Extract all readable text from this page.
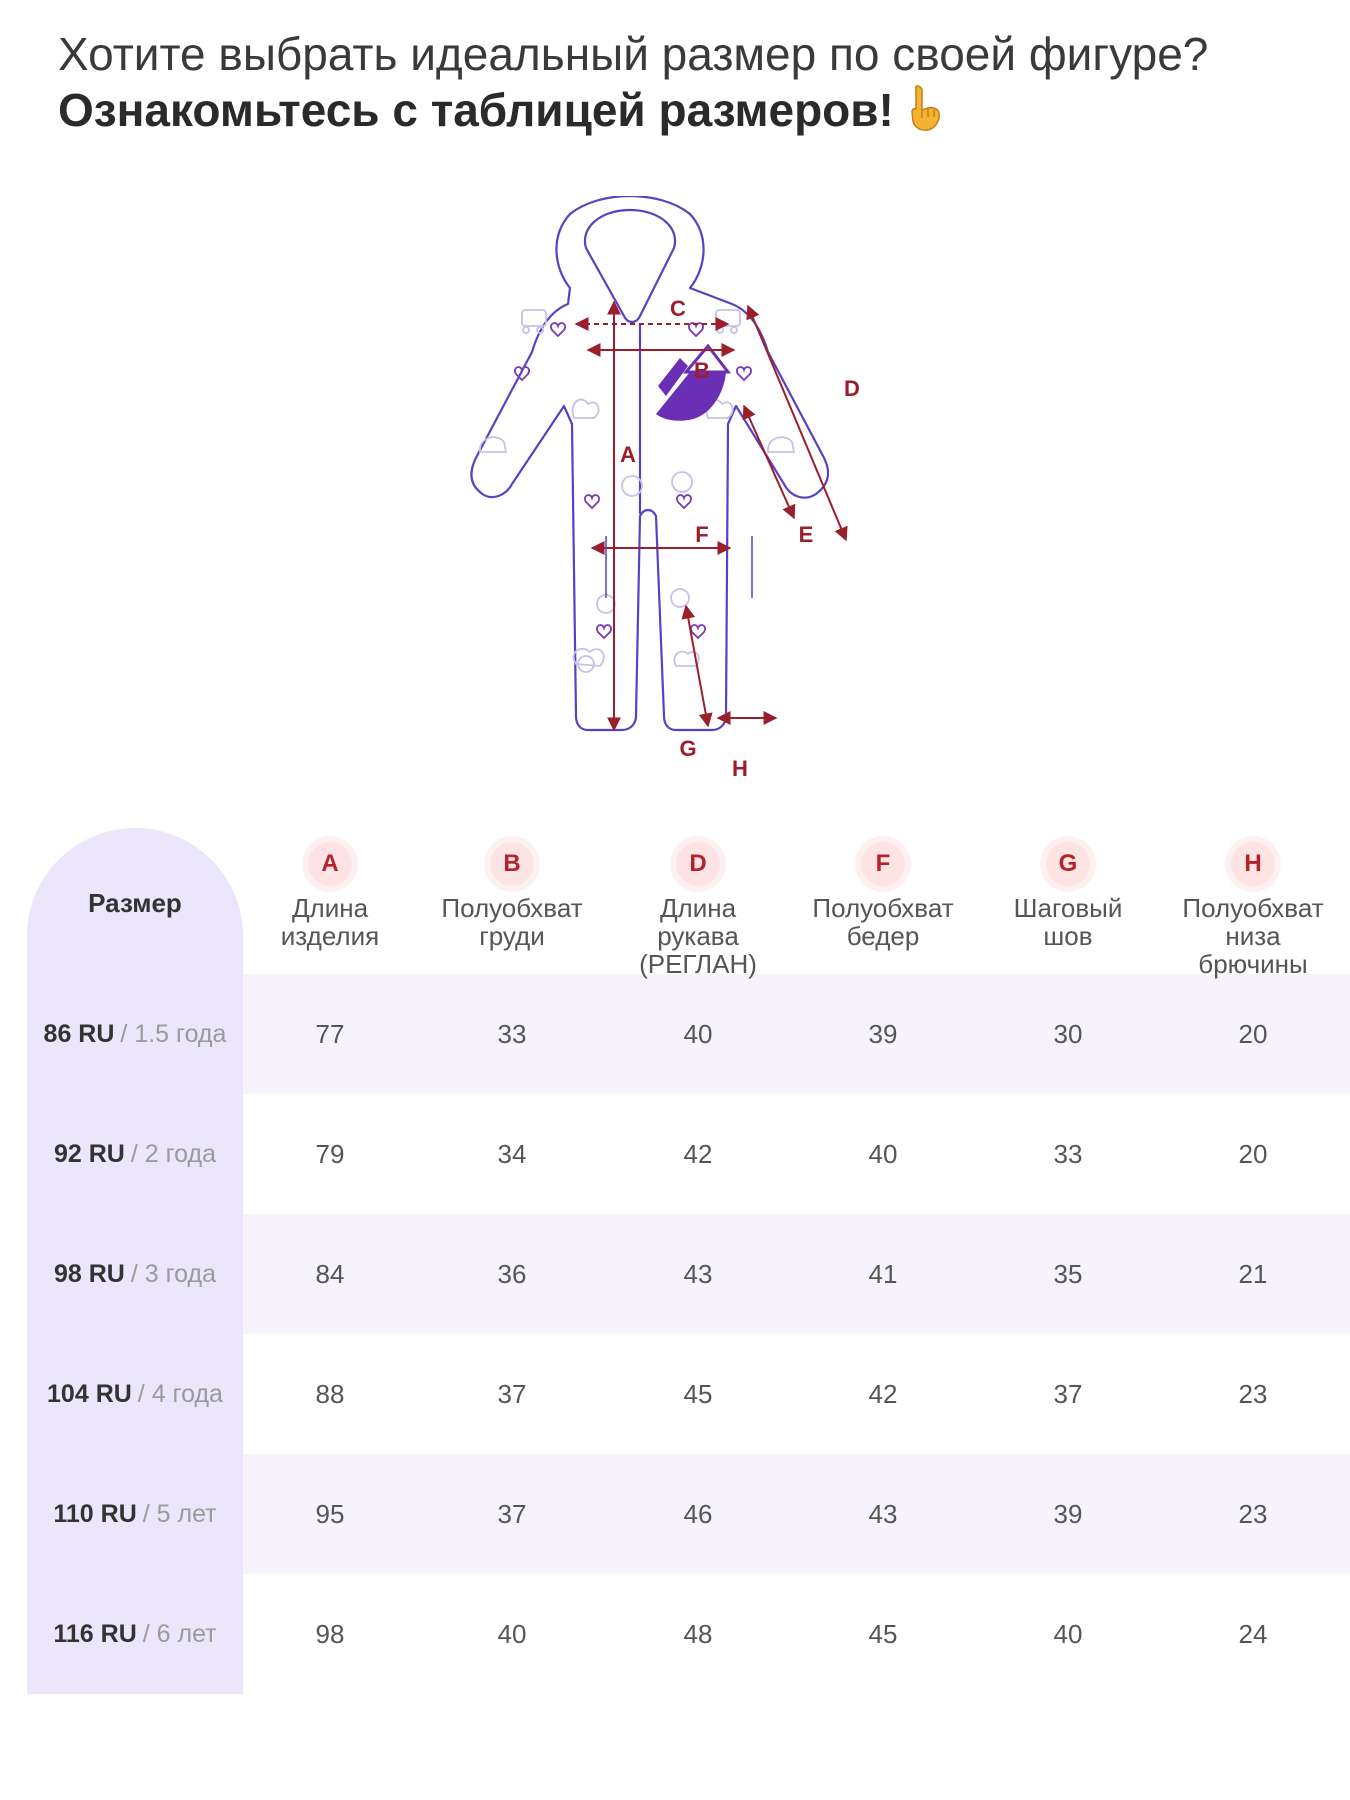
Хотите выбрать идеальный размер по своей фигуре?
Ознакомьтесь с таблицей размеров!
C
B
A
D
E
F
G
H
Размер
A
Длина
изделия
B
Полуобхват
груди
D
Длина
рукава
(РЕГЛАН)
F
Полуобхват
бедер
G
Шаговый
шов
H
Полуобхват
низа
брючины
86 RU / 1.5 года	77	33	40	39	30	20
92 RU / 2 года	79	34	42	40	33	20
98 RU / 3 года	84	36	43	41	35	21
104 RU / 4 года	88	37	45	42	37	23
110 RU / 5 лет	95	37	46	43	39	23
116 RU / 6 лет	98	40	48	45	40	24
